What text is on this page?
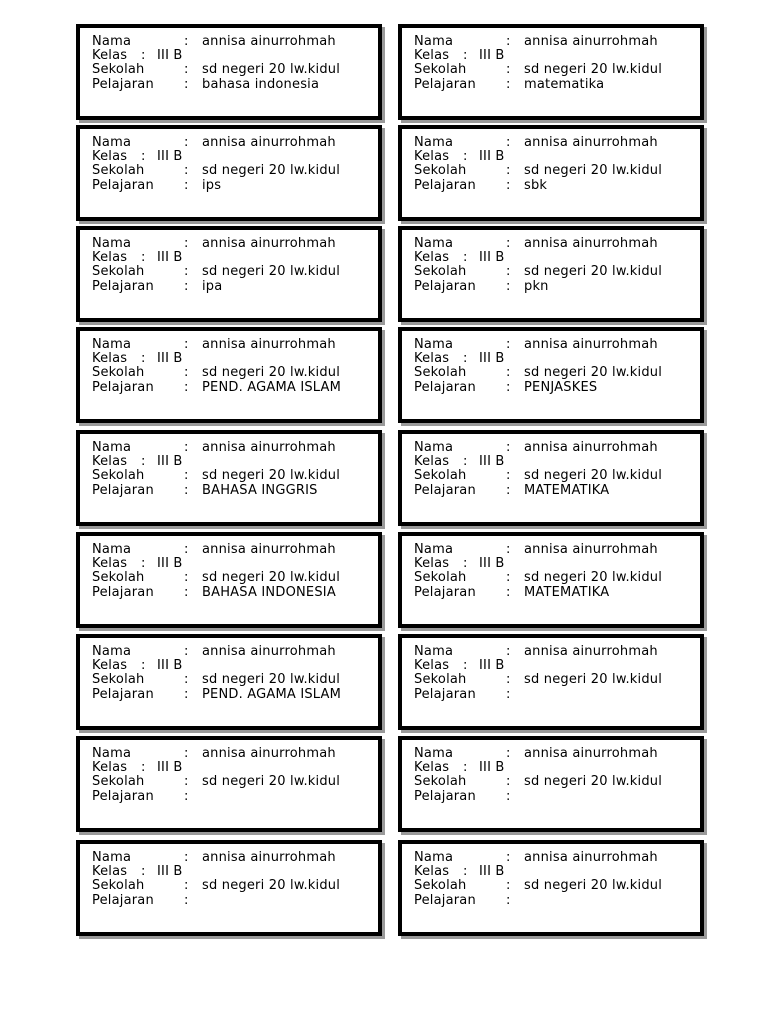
Nama	: annisa ainurrohmah
Kelas : III B
Sekolah	: sd negeri 20 lw.kidul
Pelajaran : bahasa indonesia
Nama	: annisa ainurrohmah
Kelas : III B
Sekolah	: sd negeri 20 lw.kidul
Pelajaran : matematika
Nama	: annisa ainurrohmah
Kelas : III B
Sekolah	: sd negeri 20 lw.kidul
Pelajaran : ips
Nama	: annisa ainurrohmah
Kelas : III B
Sekolah	: sd negeri 20 lw.kidul
Pelajaran : sbk
Nama	: annisa ainurrohmah
Kelas : III B
Sekolah	: sd negeri 20 lw.kidul
Pelajaran : ipa
Nama	: annisa ainurrohmah
Kelas : III B
Sekolah	: sd negeri 20 lw.kidul
Pelajaran : pkn
Nama	: annisa ainurrohmah
Kelas : III B
Sekolah	: sd negeri 20 lw.kidul
Pelajaran : PEND. AGAMA ISLAM
Nama	: annisa ainurrohmah
Kelas : III B
Sekolah	: sd negeri 20 lw.kidul
Pelajaran : PENJASKES
Nama	: annisa ainurrohmah
Kelas : III B
Sekolah	: sd negeri 20 lw.kidul
Pelajaran : BAHASA INGGRIS
Nama	: annisa ainurrohmah
Kelas : III B
Sekolah	: sd negeri 20 lw.kidul
Pelajaran : MATEMATIKA
Nama	: annisa ainurrohmah
Kelas : III B
Sekolah	: sd negeri 20 lw.kidul
Pelajaran : BAHASA INDONESIA
Nama	: annisa ainurrohmah
Kelas : III B
Sekolah	: sd negeri 20 lw.kidul
Pelajaran : MATEMATIKA
Nama	: annisa ainurrohmah
Kelas : III B
Sekolah	: sd negeri 20 lw.kidul
Pelajaran : PEND. AGAMA ISLAM
Nama	: annisa ainurrohmah
Kelas : III B
Sekolah	: sd negeri 20 lw.kidul
Pelajaran :
Nama	: annisa ainurrohmah
Kelas : III B
Sekolah	: sd negeri 20 lw.kidul
Pelajaran :
Nama	: annisa ainurrohmah
Kelas : III B
Sekolah	: sd negeri 20 lw.kidul
Pelajaran :
Nama	: annisa ainurrohmah
Kelas : III B
Sekolah	: sd negeri 20 lw.kidul
Pelajaran :
Nama	: annisa ainurrohmah
Kelas : III B
Sekolah	: sd negeri 20 lw.kidul
Pelajaran :
